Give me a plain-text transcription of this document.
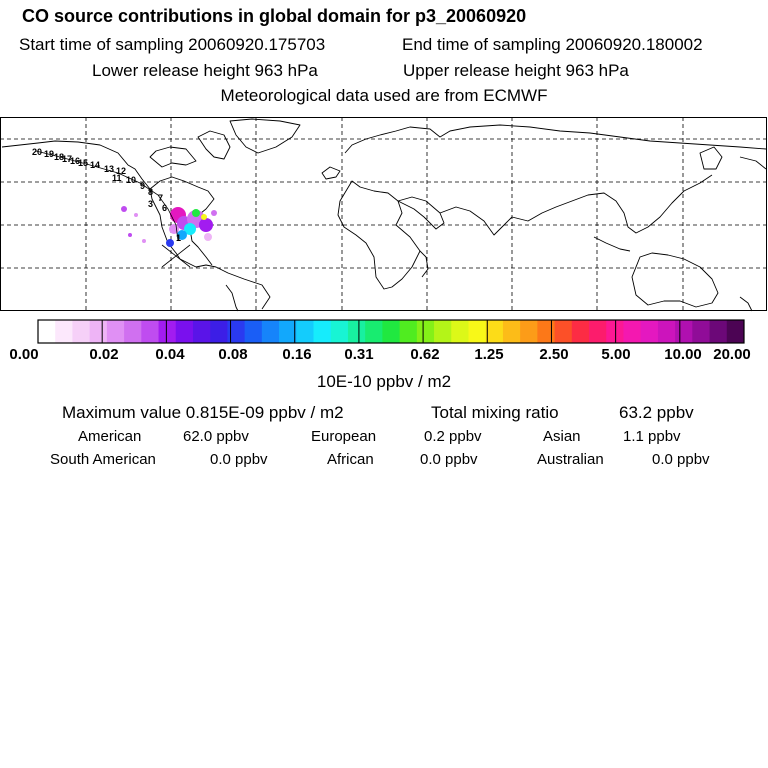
CO source contributions in global domain for p3_20060920
Start time of sampling 20060920.175703	End time of sampling 20060920.180002
Lower release height 963 hPa	Upper release height 963 hPa
Meteorological data used are from ECMWF
20 19 18
17
16
15 14 13 12
11 10
9
8
7
3 6
1
0.00	0.02 0.04 0.08 0.16 0.31 0.62 1.25 2.50 5.00 10.00 20.00
10E-10 ppbv / m2
Maximum value 0.815E-09 ppbv / m2	Total mixing ratio	63.2 ppbv
American	62.0 ppbv	European	0.2 ppbv	Asian	1.1 ppbv
South American	0.0 ppbv	African	0.0 ppbv	Australian	0.0 ppbv
